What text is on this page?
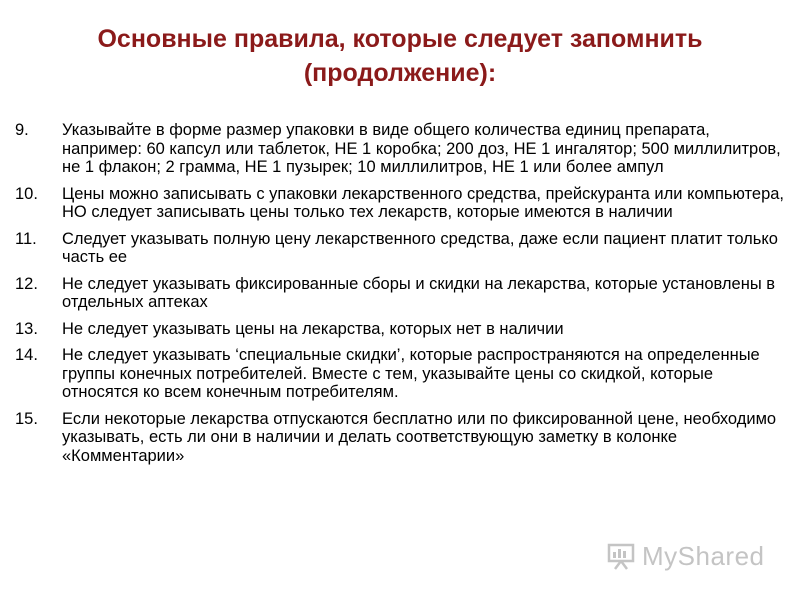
Основные правила, которые следует запомнить
(продолжение):
9.	Указывайте в форме размер упаковки в виде общего количества единиц препарата, например: 60 капсул или таблеток, НЕ 1 коробка; 200 доз, НЕ 1 ингалятор; 500 миллилитров, не 1 флакон; 2 грамма, НЕ 1 пузырек; 10 миллилитров, НЕ 1 или более ампул
10.	Цены можно записывать с упаковки лекарственного средства, прейскуранта или компьютера, НО следует записывать цены только тех лекарств, которые имеются в наличии
11.	Следует указывать полную цену лекарственного средства, даже если пациент платит только часть ее
12.	Не следует указывать фиксированные сборы и скидки на лекарства, которые установлены в отдельных аптеках
13.	Не следует указывать цены на лекарства, которых нет в наличии
14.	Не следует указывать ‘специальные скидки’, которые распространяются на определенные группы конечных потребителей. Вместе с тем, указывайте цены со скидкой, которые относятся ко всем конечным потребителям.
15.	Если некоторые лекарства отпускаются бесплатно или по фиксированной цене, необходимо указывать, есть ли они в наличии и делать соответствующую заметку в колонке «Комментарии»
MyShared
